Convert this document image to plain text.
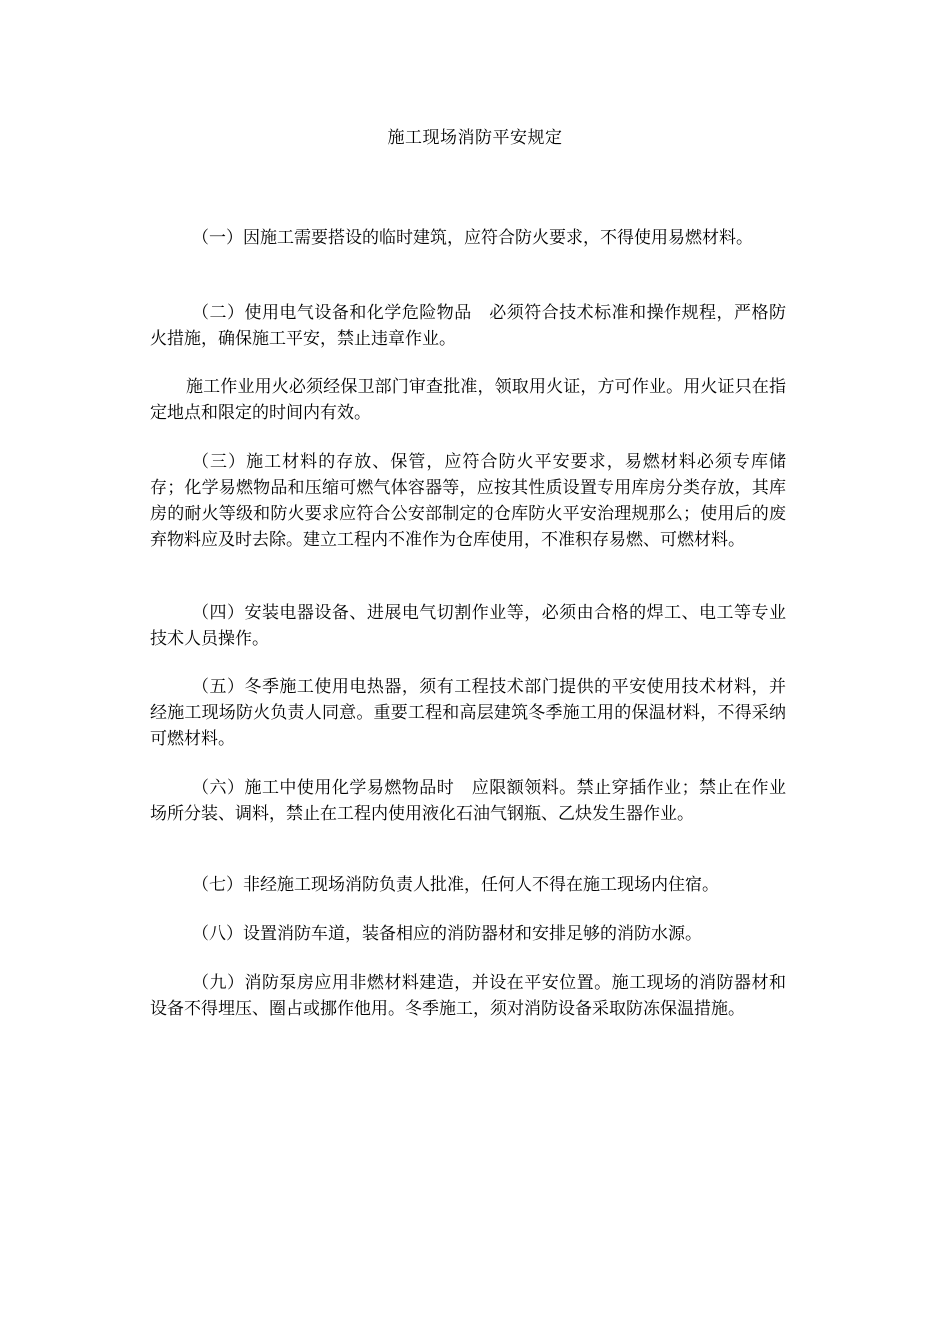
施工现场消防平安规定

（一）因施工需要搭设的临时建筑，应符合防火要求，不得使用易燃材料。

（二）使用电气设备和化学危险物品　必须符合技术标准和操作规程，严格防火措施，确保施工平安，禁止违章作业。

施工作业用火必须经保卫部门审查批准，领取用火证，方可作业。用火证只在指定地点和限定的时间内有效。

（三）施工材料的存放、保管，应符合防火平安要求，易燃材料必须专库储存；化学易燃物品和压缩可燃气体容器等，应按其性质设置专用库房分类存放，其库房的耐火等级和防火要求应符合公安部制定的仓库防火平安治理规那么；使用后的废弃物料应及时去除。建立工程内不准作为仓库使用，不准积存易燃、可燃材料。

（四）安装电器设备、进展电气切割作业等，必须由合格的焊工、电工等专业技术人员操作。

（五）冬季施工使用电热器，须有工程技术部门提供的平安使用技术材料，并经施工现场防火负责人同意。重要工程和高层建筑冬季施工用的保温材料，不得采纳可燃材料。

（六）施工中使用化学易燃物品时　应限额领料。禁止穿插作业；禁止在作业场所分装、调料，禁止在工程内使用液化石油气钢瓶、乙炔发生器作业。

（七）非经施工现场消防负责人批准，任何人不得在施工现场内住宿。

（八）设置消防车道，装备相应的消防器材和安排足够的消防水源。

（九）消防泵房应用非燃材料建造，并设在平安位置。施工现场的消防器材和设备不得埋压、圈占或挪作他用。冬季施工，须对消防设备采取防冻保温措施。
